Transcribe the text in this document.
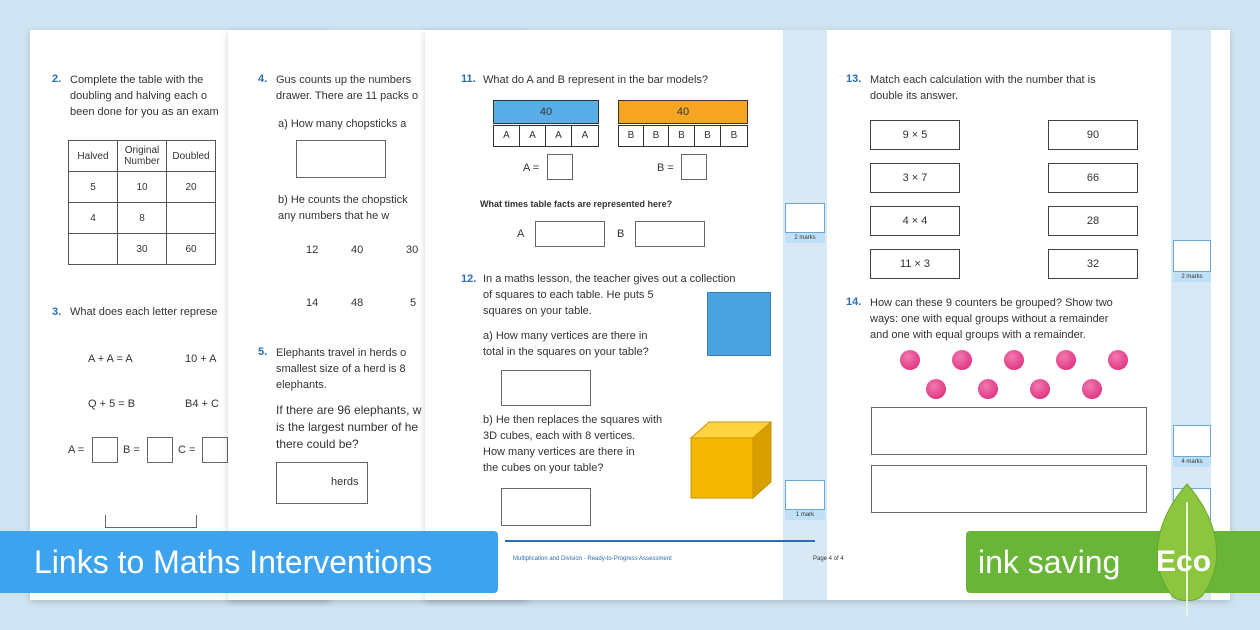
2. Complete the table with the
doubling and halving each o
been done for you as an exam
Halved	Original Number	Doubled
5	10	20
4	8	
	30	60
3. What does each letter represe
A + A = A	10 + A
Q + 5 = B	B4 + C
A =	B =	C =
4. Gus counts up the numbers
drawer. There are 11 packs o
a) How many chopsticks a
b) He counts the chopstick
any numbers that he w
12	40	30
14	48	5
5. Elephants travel in herds o
smallest size of a herd is 8
elephants.
If there are 96 elephants, w
is the largest number of he
there could be?
herds
11. What do A and B represent in the bar models?
40
A	A	A	A
40
B	B	B	B	B
A =	B =
What times table facts are represented here?
A	B	2 marks
12. In a maths lesson, the teacher gives out a collection
of squares to each table. He puts 5
squares on your table.
a) How many vertices are there in
total in the squares on your table?
b) He then replaces the squares with
3D cubes, each with 8 vertices.
How many vertices are there in
the cubes on your table?
1 mark
Multiplication and Division - Ready-to-Progress Assessment	Page 4 of 4
13. Match each calculation with the number that is
double its answer.
9 × 5
3 × 7
4 × 4
11 × 3
90
66
28
32
2 marks
14. How can these 9 counters be grouped? Show two
ways: one with equal groups without a remainder
and one with equal groups with a remainder.
4 marks
Links to Maths Interventions	ink saving	Eco
